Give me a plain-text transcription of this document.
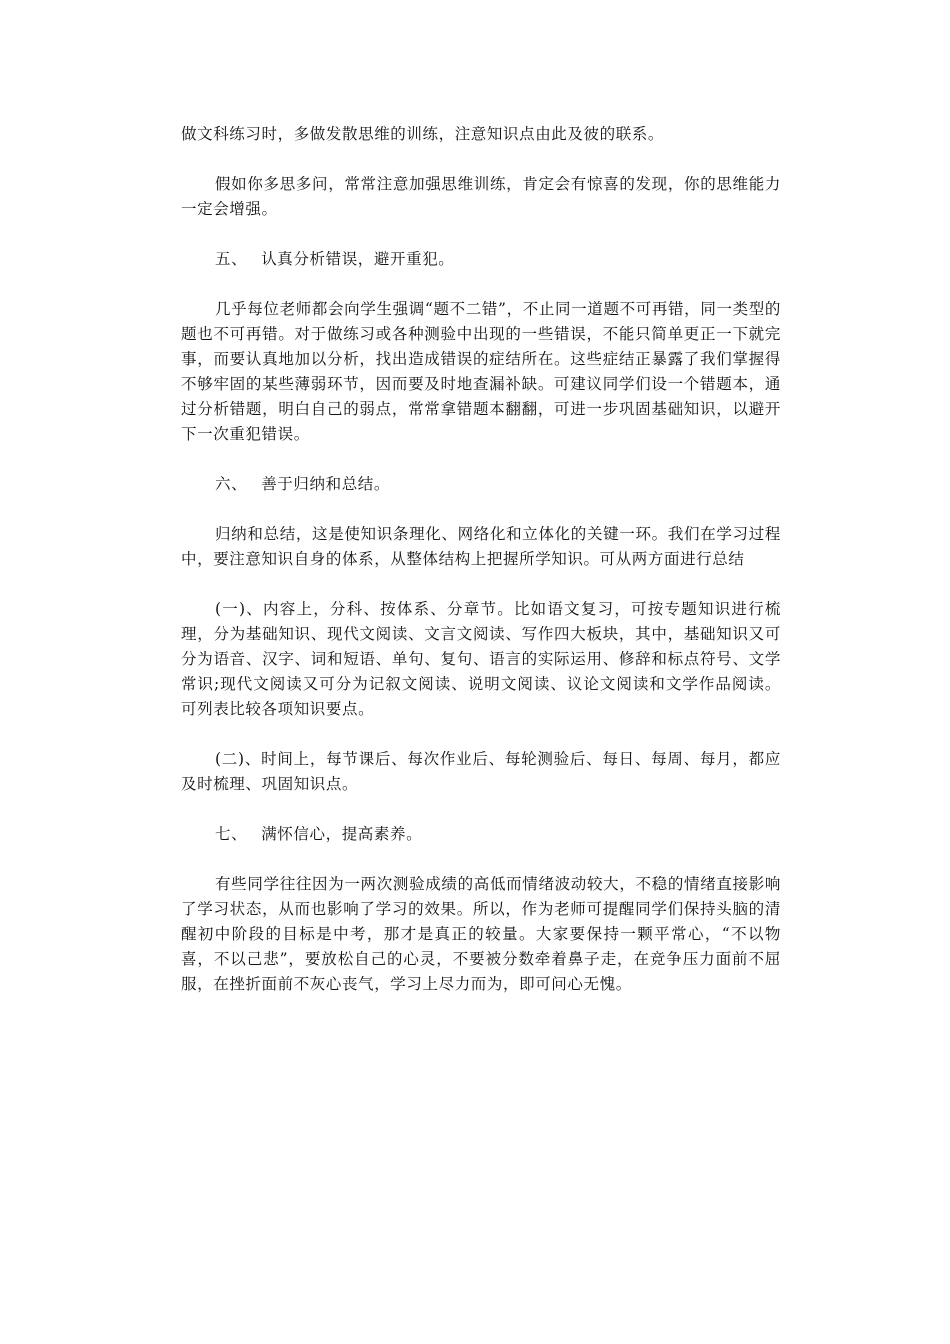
做文科练习时，多做发散思维的训练，注意知识点由此及彼的联系。

假如你多思多问，常常注意加强思维训练，肯定会有惊喜的发现，你的思维能力一定会增强。

五、 认真分析错误，避开重犯。

几乎每位老师都会向学生强调“题不二错”，不止同一道题不可再错，同一类型的题也不可再错。对于做练习或各种测验中出现的一些错误，不能只简单更正一下就完事，而要认真地加以分析，找出造成错误的症结所在。这些症结正暴露了我们掌握得不够牢固的某些薄弱环节，因而要及时地查漏补缺。可建议同学们设一个错题本，通过分析错题，明白自己的弱点，常常拿错题本翻翻，可进一步巩固基础知识，以避开下一次重犯错误。

六、 善于归纳和总结。

归纳和总结，这是使知识条理化、网络化和立体化的关键一环。我们在学习过程中，要注意知识自身的体系，从整体结构上把握所学知识。可从两方面进行总结

(一)、内容上，分科、按体系、分章节。比如语文复习，可按专题知识进行梳理，分为基础知识、现代文阅读、文言文阅读、写作四大板块，其中，基础知识又可分为语音、汉字、词和短语、单句、复句、语言的实际运用、修辞和标点符号、文学常识;现代文阅读又可分为记叙文阅读、说明文阅读、议论文阅读和文学作品阅读。可列表比较各项知识要点。

(二)、时间上，每节课后、每次作业后、每轮测验后、每日、每周、每月，都应及时梳理、巩固知识点。

七、 满怀信心，提高素养。

有些同学往往因为一两次测验成绩的高低而情绪波动较大，不稳的情绪直接影响了学习状态，从而也影响了学习的效果。所以，作为老师可提醒同学们保持头脑的清醒初中阶段的目标是中考，那才是真正的较量。大家要保持一颗平常心，“不以物喜，不以己悲”，要放松自己的心灵，不要被分数牵着鼻子走，在竞争压力面前不屈服，在挫折面前不灰心丧气，学习上尽力而为，即可问心无愧。
